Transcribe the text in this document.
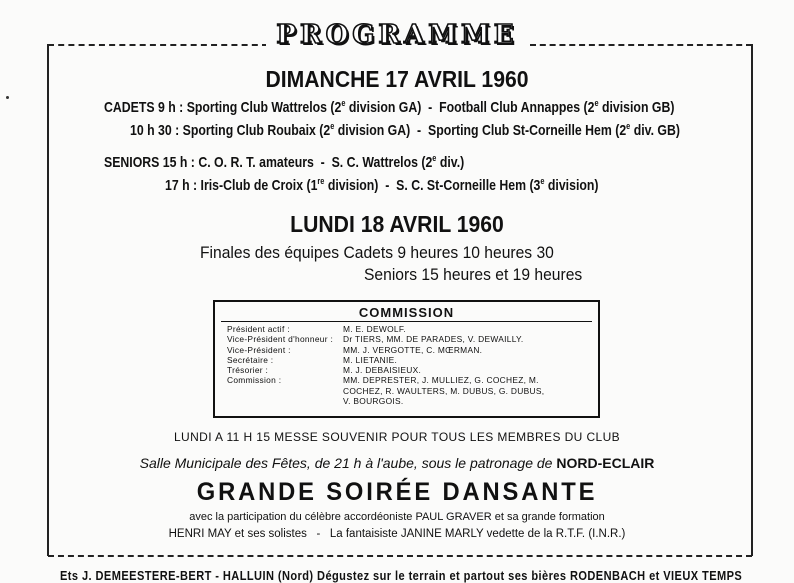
PROGRAMME
DIMANCHE 17 AVRIL 1960
CADETS 9 h : Sporting Club Wattrelos (2e division GA)  -  Football Club Annappes (2e division GB)
10 h 30 : Sporting Club Roubaix (2e division GA)  -  Sporting Club St-Corneille Hem (2e div. GB)
SENIORS 15 h : C. O. R. T. amateurs  -  S. C. Wattrelos (2e div.)
17 h : Iris-Club de Croix (1re division)  -  S. C. St-Corneille Hem (3e division)
LUNDI 18 AVRIL 1960
Finales des équipes Cadets 9 heures 10 heures 30
Seniors 15 heures et 19 heures
COMMISSION
Président actif :
Vice-Président d'honneur :
Vice-Président :
Secrétaire :
Trésorier :
Commission :
M. E. DEWOLF.
Dr TIERS, MM. DE PARADES, V. DEWAILLY.
MM. J. VERGOTTE, C. MŒRMAN.
M. LIETANIE.
M. J. DEBAISIEUX.
MM. DEPRESTER, J. MULLIEZ, G. COCHEZ, M.
COCHEZ, R. WAULTERS, M. DUBUS, G. DUBUS,
V. BOURGOIS.
LUNDI A 11 H 15 MESSE SOUVENIR POUR TOUS LES MEMBRES DU CLUB
Salle Municipale des Fêtes, de 21 h à l'aube, sous le patronage de NORD-ECLAIR
GRANDE SOIRÉE DANSANTE
avec la participation du célèbre accordéoniste PAUL GRAVER et sa grande formation
HENRI MAY et ses solistes   -   La fantaisiste JANINE MARLY vedette de la R.T.F. (I.N.R.)
Ets J. DEMEESTERE-BERT - HALLUIN (Nord) Dégustez sur le terrain et partout ses bières RODENBACH et VIEUX TEMPS
